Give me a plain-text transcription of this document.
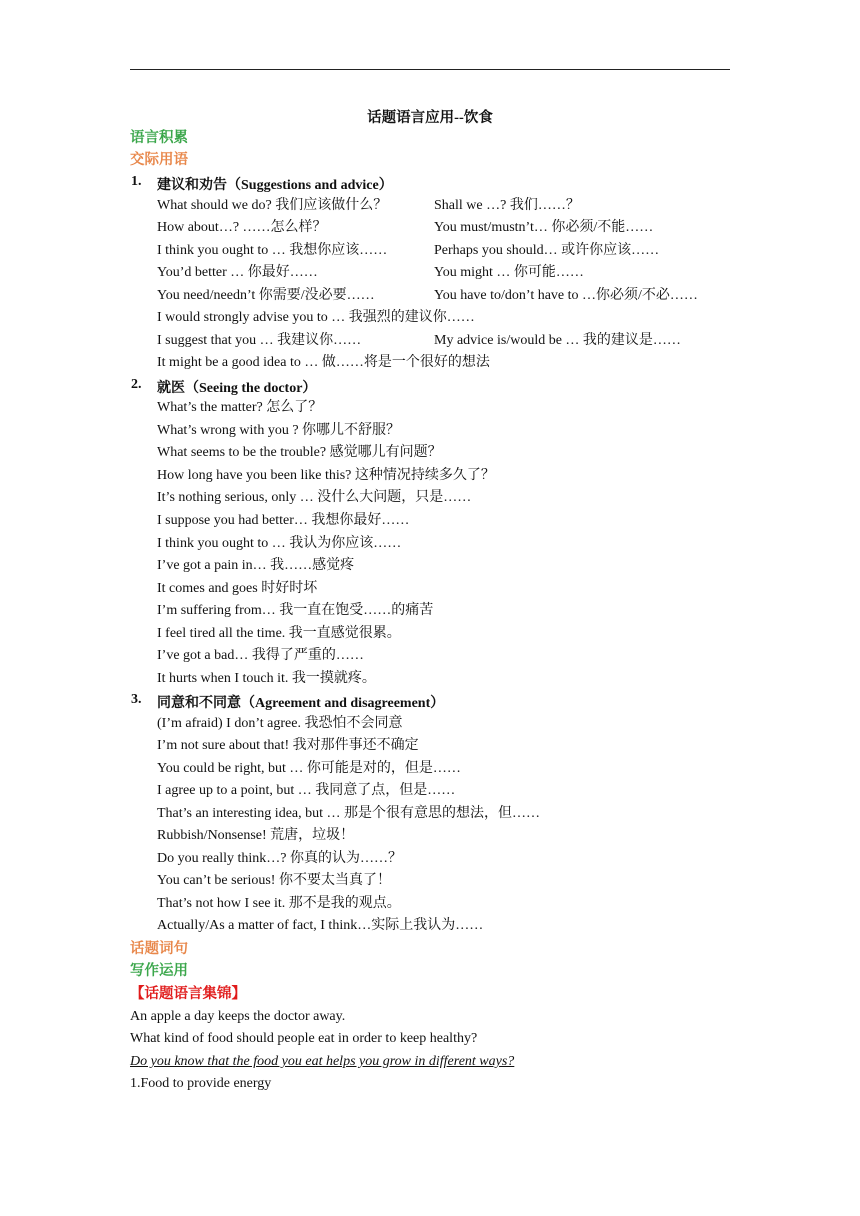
话题语言应用--饮食
语言积累
交际用语
1. 建议和劝告（Suggestions and advice）
What should we do? 我们应该做什么？	Shall we …? 我们……？
How about…? ……怎么样？	You must/mustn’t… 你必须/不能……
I think you ought to … 我想你应该……	Perhaps you should… 或许你应该……
You’d better … 你最好……	You might … 你可能……
You need/needn’t 你需要/没必要……	You have to/don’t have to …你必须/不必……
I would strongly advise you to … 我强烈的建议你……
I suggest that you … 我建议你……	My advice is/would be … 我的建议是……
It might be a good idea to … 做……将是一个很好的想法
2. 就医（Seeing the doctor）
What’s the matter? 怎么了？
What’s wrong with you ? 你哪儿不舒服？
What seems to be the trouble? 感觉哪儿有问题？
How long have you been like this? 这种情况持续多久了？
It’s nothing serious, only … 没什么大问题，只是……
I suppose you had better… 我想你最好……
I think you ought to … 我认为你应该……
I’ve got a pain in… 我……感觉疼
It comes and goes 时好时坏
I’m suffering from… 我一直在饱受……的痛苦
I feel tired all the time. 我一直感觉很累。
I’ve got a bad… 我得了严重的……
It hurts when I touch it. 我一摸就疼。
3. 同意和不同意（Agreement and disagreement）
(I’m afraid) I don’t agree. 我恐怕不会同意
I’m not sure about that! 我对那件事还不确定
You could be right, but … 你可能是对的，但是……
I agree up to a point, but … 我同意了点，但是……
That’s an interesting idea, but … 那是个很有意思的想法，但……
Rubbish/Nonsense! 荒唐，垃圾！
Do you really think…? 你真的认为……？
You can’t be serious! 你不要太当真了！
That’s not how I see it. 那不是我的观点。
Actually/As a matter of fact, I think…实际上我认为……
话题词句
写作运用
【话题语言集锦】
An apple a day keeps the doctor away.
What kind of food should people eat in order to keep healthy?
Do you know that the food you eat helps you grow in different ways?
1.Food to provide energy
